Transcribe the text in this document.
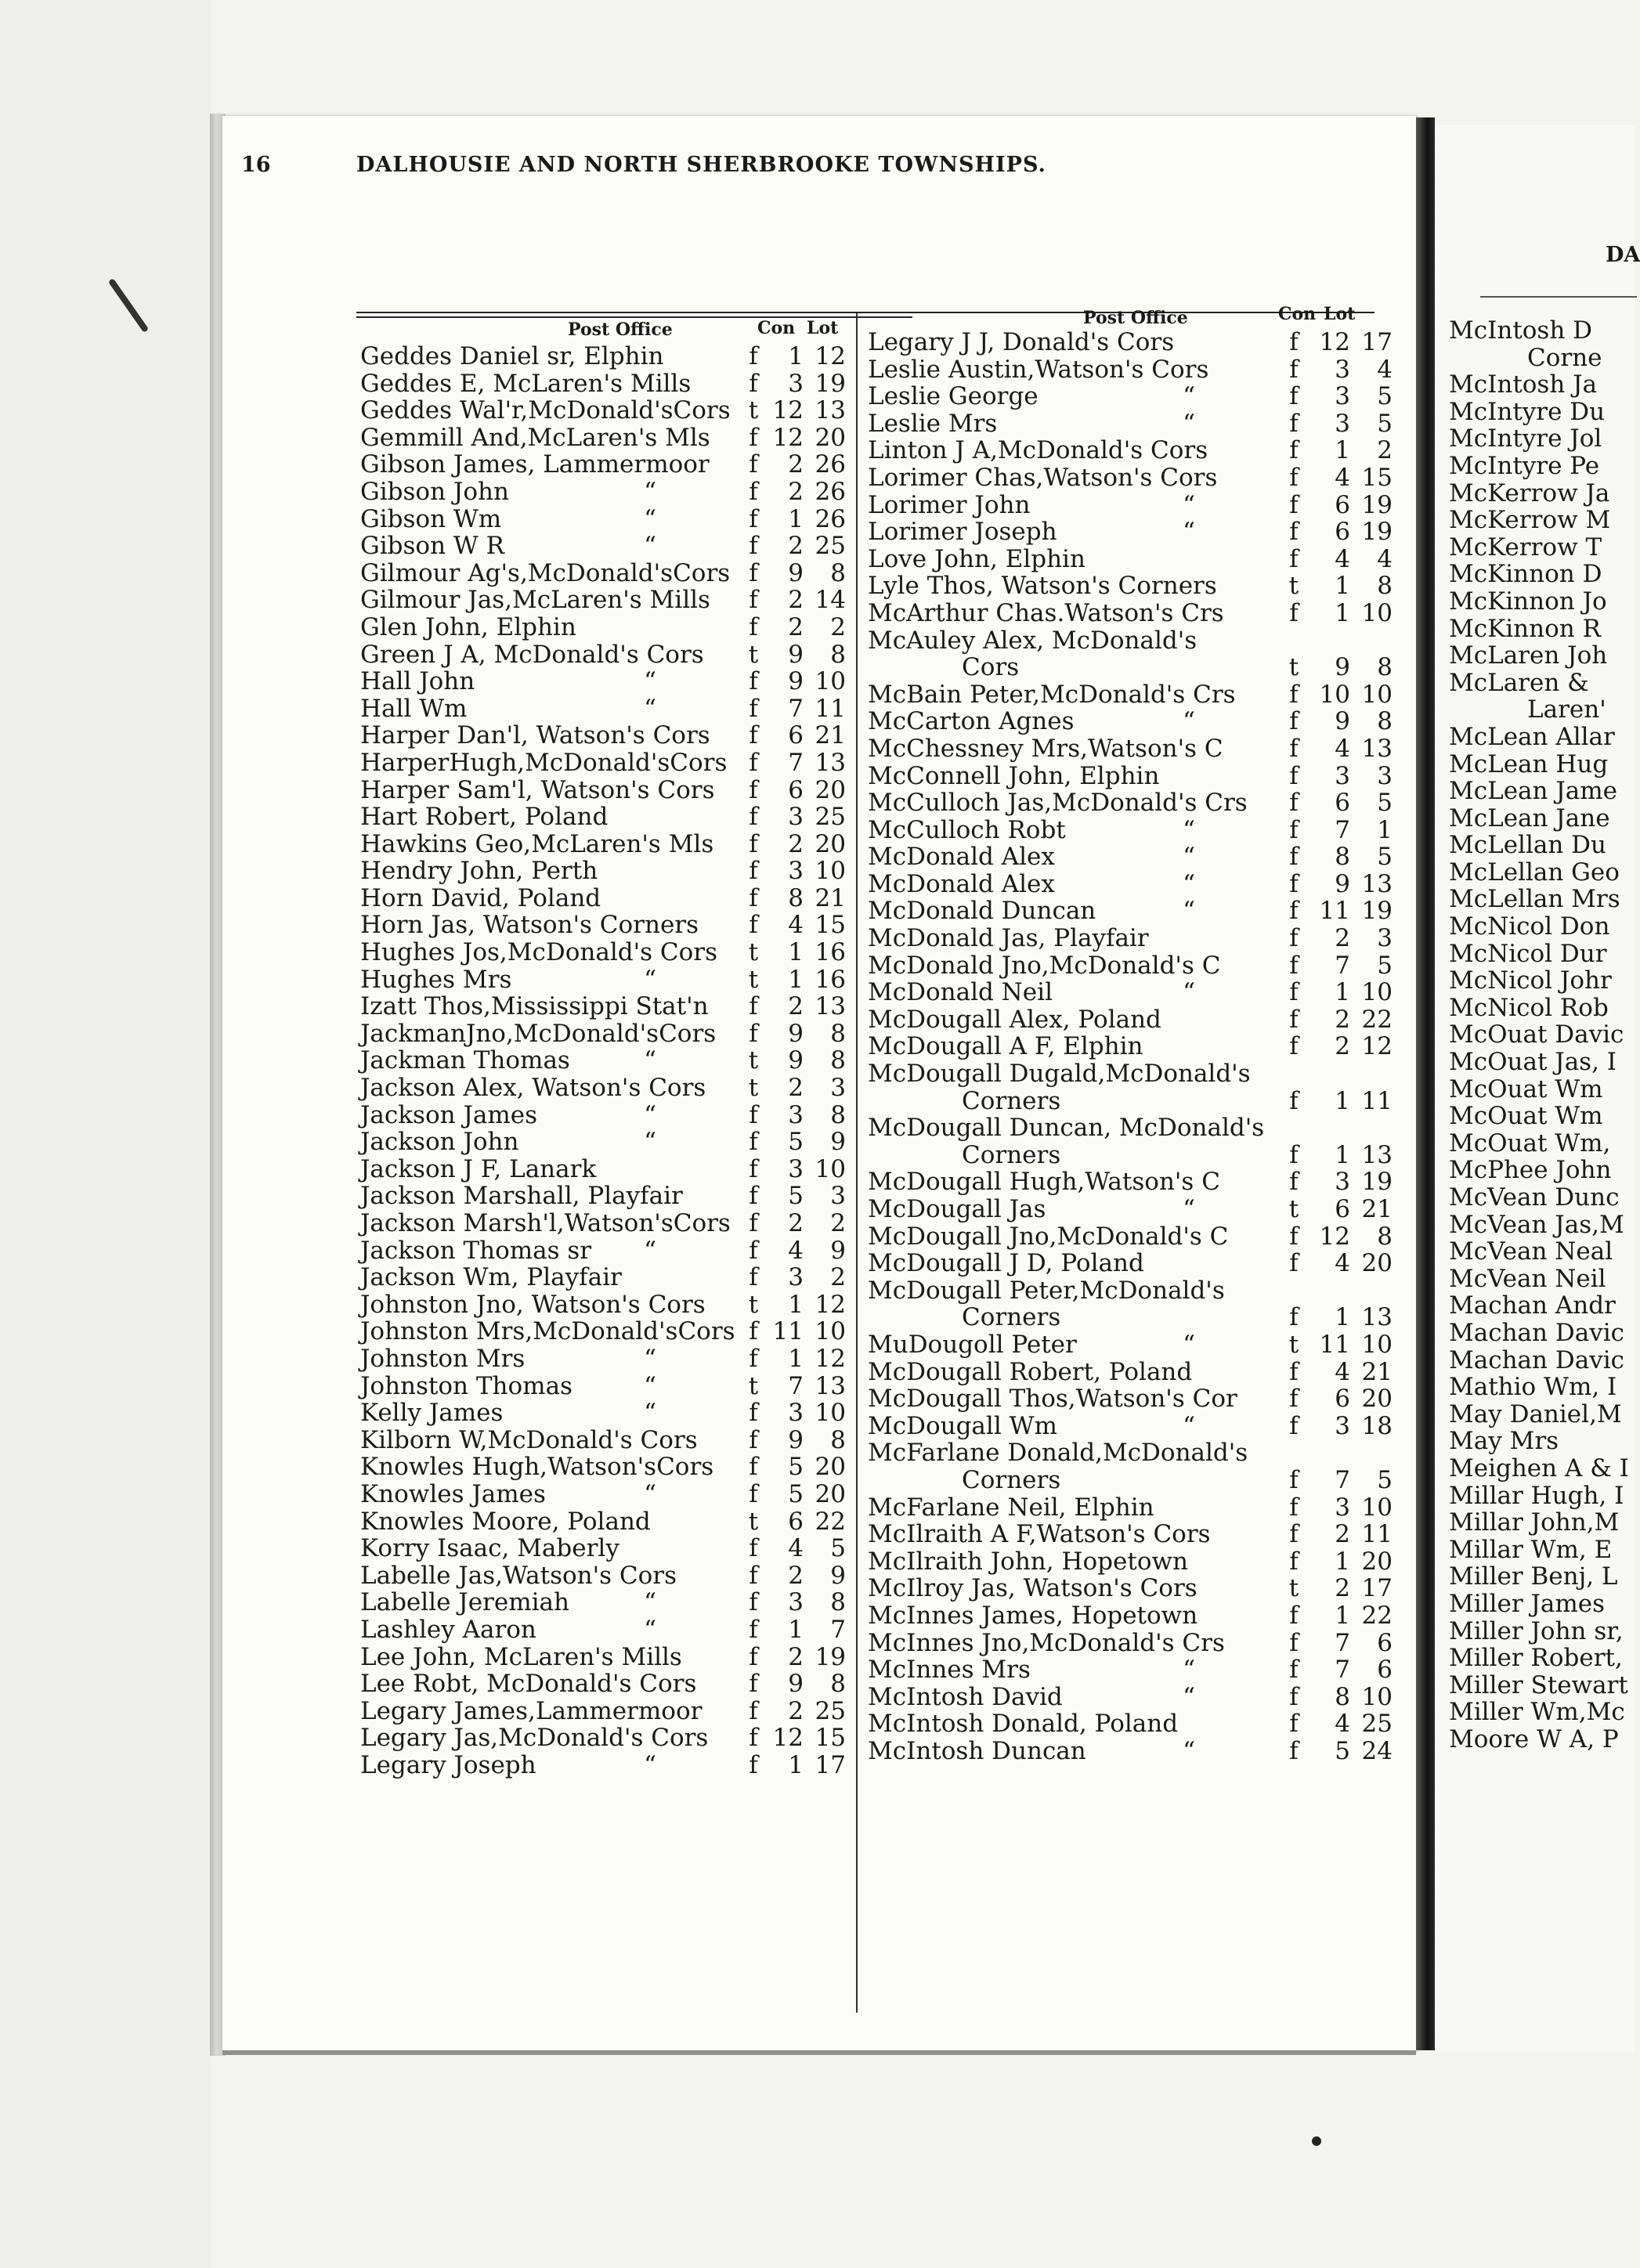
16	DALHOUSIE AND NORTH SHERBROOKE TOWNSHIPS.
Post Office	Con Lot	Post Office	Con Lot
Geddes Daniel sr, Elphin	f	1 12
Geddes E, McLaren's Mills f	3 19
Geddes Wal'r,McDonald'sCors t 12 13
Gemmill And,McLaren's Mls f 12 20
Gibson James, Lammermoor f	2 26
Gibson John	“	f	2 26
Gibson Wm	“	f	1 26
Gibson W R	“	f	2 25
Gilmour Ag's,McDonald'sCors f	9	8
Gilmour Jas,McLaren's Mills f	2 14
Glen John, Elphin	f	2	2
Green J A, McDonald's Cors t	9	8
Hall John	“	f	9 10
Hall Wm	“	f	7 11
Harper Dan'l, Watson's Cors f	6 21
HarperHugh,McDonald'sCors f	7 13
Harper Sam'l, Watson's Cors f	6 20
Hart Robert, Poland	f	3 25
Hawkins Geo,McLaren's Mls f	2 20
Hendry John, Perth	f	3 10
Horn David, Poland	f	8 21
Horn Jas, Watson's Corners f	4 15
Hughes Jos,McDonald's Cors t	1 16
Hughes Mrs	“	t	1 16
Izatt Thos,Mississippi Stat'n f	2 13
JackmanJno,McDonald'sCors f	9	8
Jackman Thomas	“	t	9	8
Jackson Alex, Watson's Cors t	2	3
Jackson James	“	f	3	8
Jackson John	“	f	5	9
Jackson J F, Lanark	f	3 10
Jackson Marshall, Playfair	f	5	3
Jackson Marsh'l,Watson'sCors f	2	2
Jackson Thomas sr “	f	4	9
Jackson Wm, Playfair	f	3	2
Johnston Jno, Watson's Cors t	1 12
Johnston Mrs,McDonald'sCors f 11 10
Johnston Mrs	“	f	1 12
Johnston Thomas	“	t	7 13
Kelly James	“	f	3 10
Kilborn W,McDonald's Cors f	9	8
Knowles Hugh,Watson'sCors f	5 20
Knowles James	“	f	5 20
Knowles Moore, Poland	t	6 22
Korry Isaac, Maberly	f	4	5
Labelle Jas,Watson's Cors	f	2	9
Labelle Jeremiah	“	f	3	8
Lashley Aaron	“	f	1	7
Lee John, McLaren's Mills	f	2 19
Lee Robt, McDonald's Cors f	9	8
Legary James,Lammermoor f	2 25
Legary Jas,McDonald's Cors f 12 15
Legary Joseph	“	f	1 17
Legary J J, Donald's Cors	f 12 17
Leslie Austin,Watson's Cors	f	3	4
Leslie George	“	f	3	5
Leslie Mrs	“	f	3	5
Linton J A,McDonald's Cors	f	1	2
Lorimer Chas,Watson's Cors	f	4 15
Lorimer John	“	f	6 19
Lorimer Joseph	“	f	6 19
Love John, Elphin	f	4	4
Lyle Thos, Watson's Corners	t	1	8
McArthur Chas.Watson's Crs	f	1 10
McAuley Alex, McDonald's
Cors	t	9	8
McBain Peter,McDonald's Crs f 10 10
McCarton Agnes	“	f	9	8
McChessney Mrs,Watson's C	f	4 13
McConnell John, Elphin	f	3	3
McCulloch Jas,McDonald's Crs f	6	5
McCulloch Robt	“	f	7	1
McDonald Alex	“	f	8	5
McDonald Alex	“	f	9 13
McDonald Duncan	“	f 11 19
McDonald Jas, Playfair	f	2	3
McDonald Jno,McDonald's C	f	7	5
McDonald Neil	“	f	1 10
McDougall Alex, Poland	f	2 22
McDougall A F, Elphin	f	2 12
McDougall Dugald,McDonald's
Corners	f	1 11
McDougall Duncan, McDonald's
Corners	f	1 13
McDougall Hugh,Watson's C	f	3 19
McDougall Jas	“	t	6 21
McDougall Jno,McDonald's C	f 12	8
McDougall J D, Poland	f	4 20
McDougall Peter,McDonald's
Corners	f	1 13
MuDougoll Peter	“	t 11 10
McDougall Robert, Poland	f	4 21
McDougall Thos,Watson's Cor f	6 20
McDougall Wm	“	f	3 18
McFarlane Donald,McDonald's
Corners	f	7	5
McFarlane Neil, Elphin	f	3 10
McIlraith A F,Watson's Cors	f	2 11
McIlraith John, Hopetown	f	1 20
McIlroy Jas, Watson's Cors	t	2 17
McInnes James, Hopetown	f	1 22
McInnes Jno,McDonald's Crs	f	7	6
McInnes Mrs	“	f	7	6
McIntosh David	“	f	8 10
McIntosh Donald, Poland	f	4 25
McIntosh Duncan	“	f	5 24
DA
McIntosh D
Corne
McIntosh Ja
McIntyre Du
McIntyre Jol
McIntyre Pe
McKerrow Ja
McKerrow M
McKerrow T
McKinnon D
McKinnon Jo
McKinnon R
McLaren Joh
McLaren &
Laren'
McLean Allar
McLean Hug
McLean Jame
McLean Jane
McLellan Du
McLellan Geo
McLellan Mrs
McNicol Don
McNicol Dur
McNicol Johr
McNicol Rob
McOuat Davic
McOuat Jas, I
McOuat Wm
McOuat Wm
McOuat Wm,
McPhee John
McVean Dunc
McVean Jas,M
McVean Neal
McVean Neil
Machan Andr
Machan Davic
Machan Davic
Mathio Wm, I
May Daniel,M
May Mrs
Meighen A & I
Millar Hugh, I
Millar John,M
Millar Wm, E
Miller Benj, L
Miller James
Miller John sr,
Miller Robert,
Miller Stewart
Miller Wm,Mc
Moore W A, P
